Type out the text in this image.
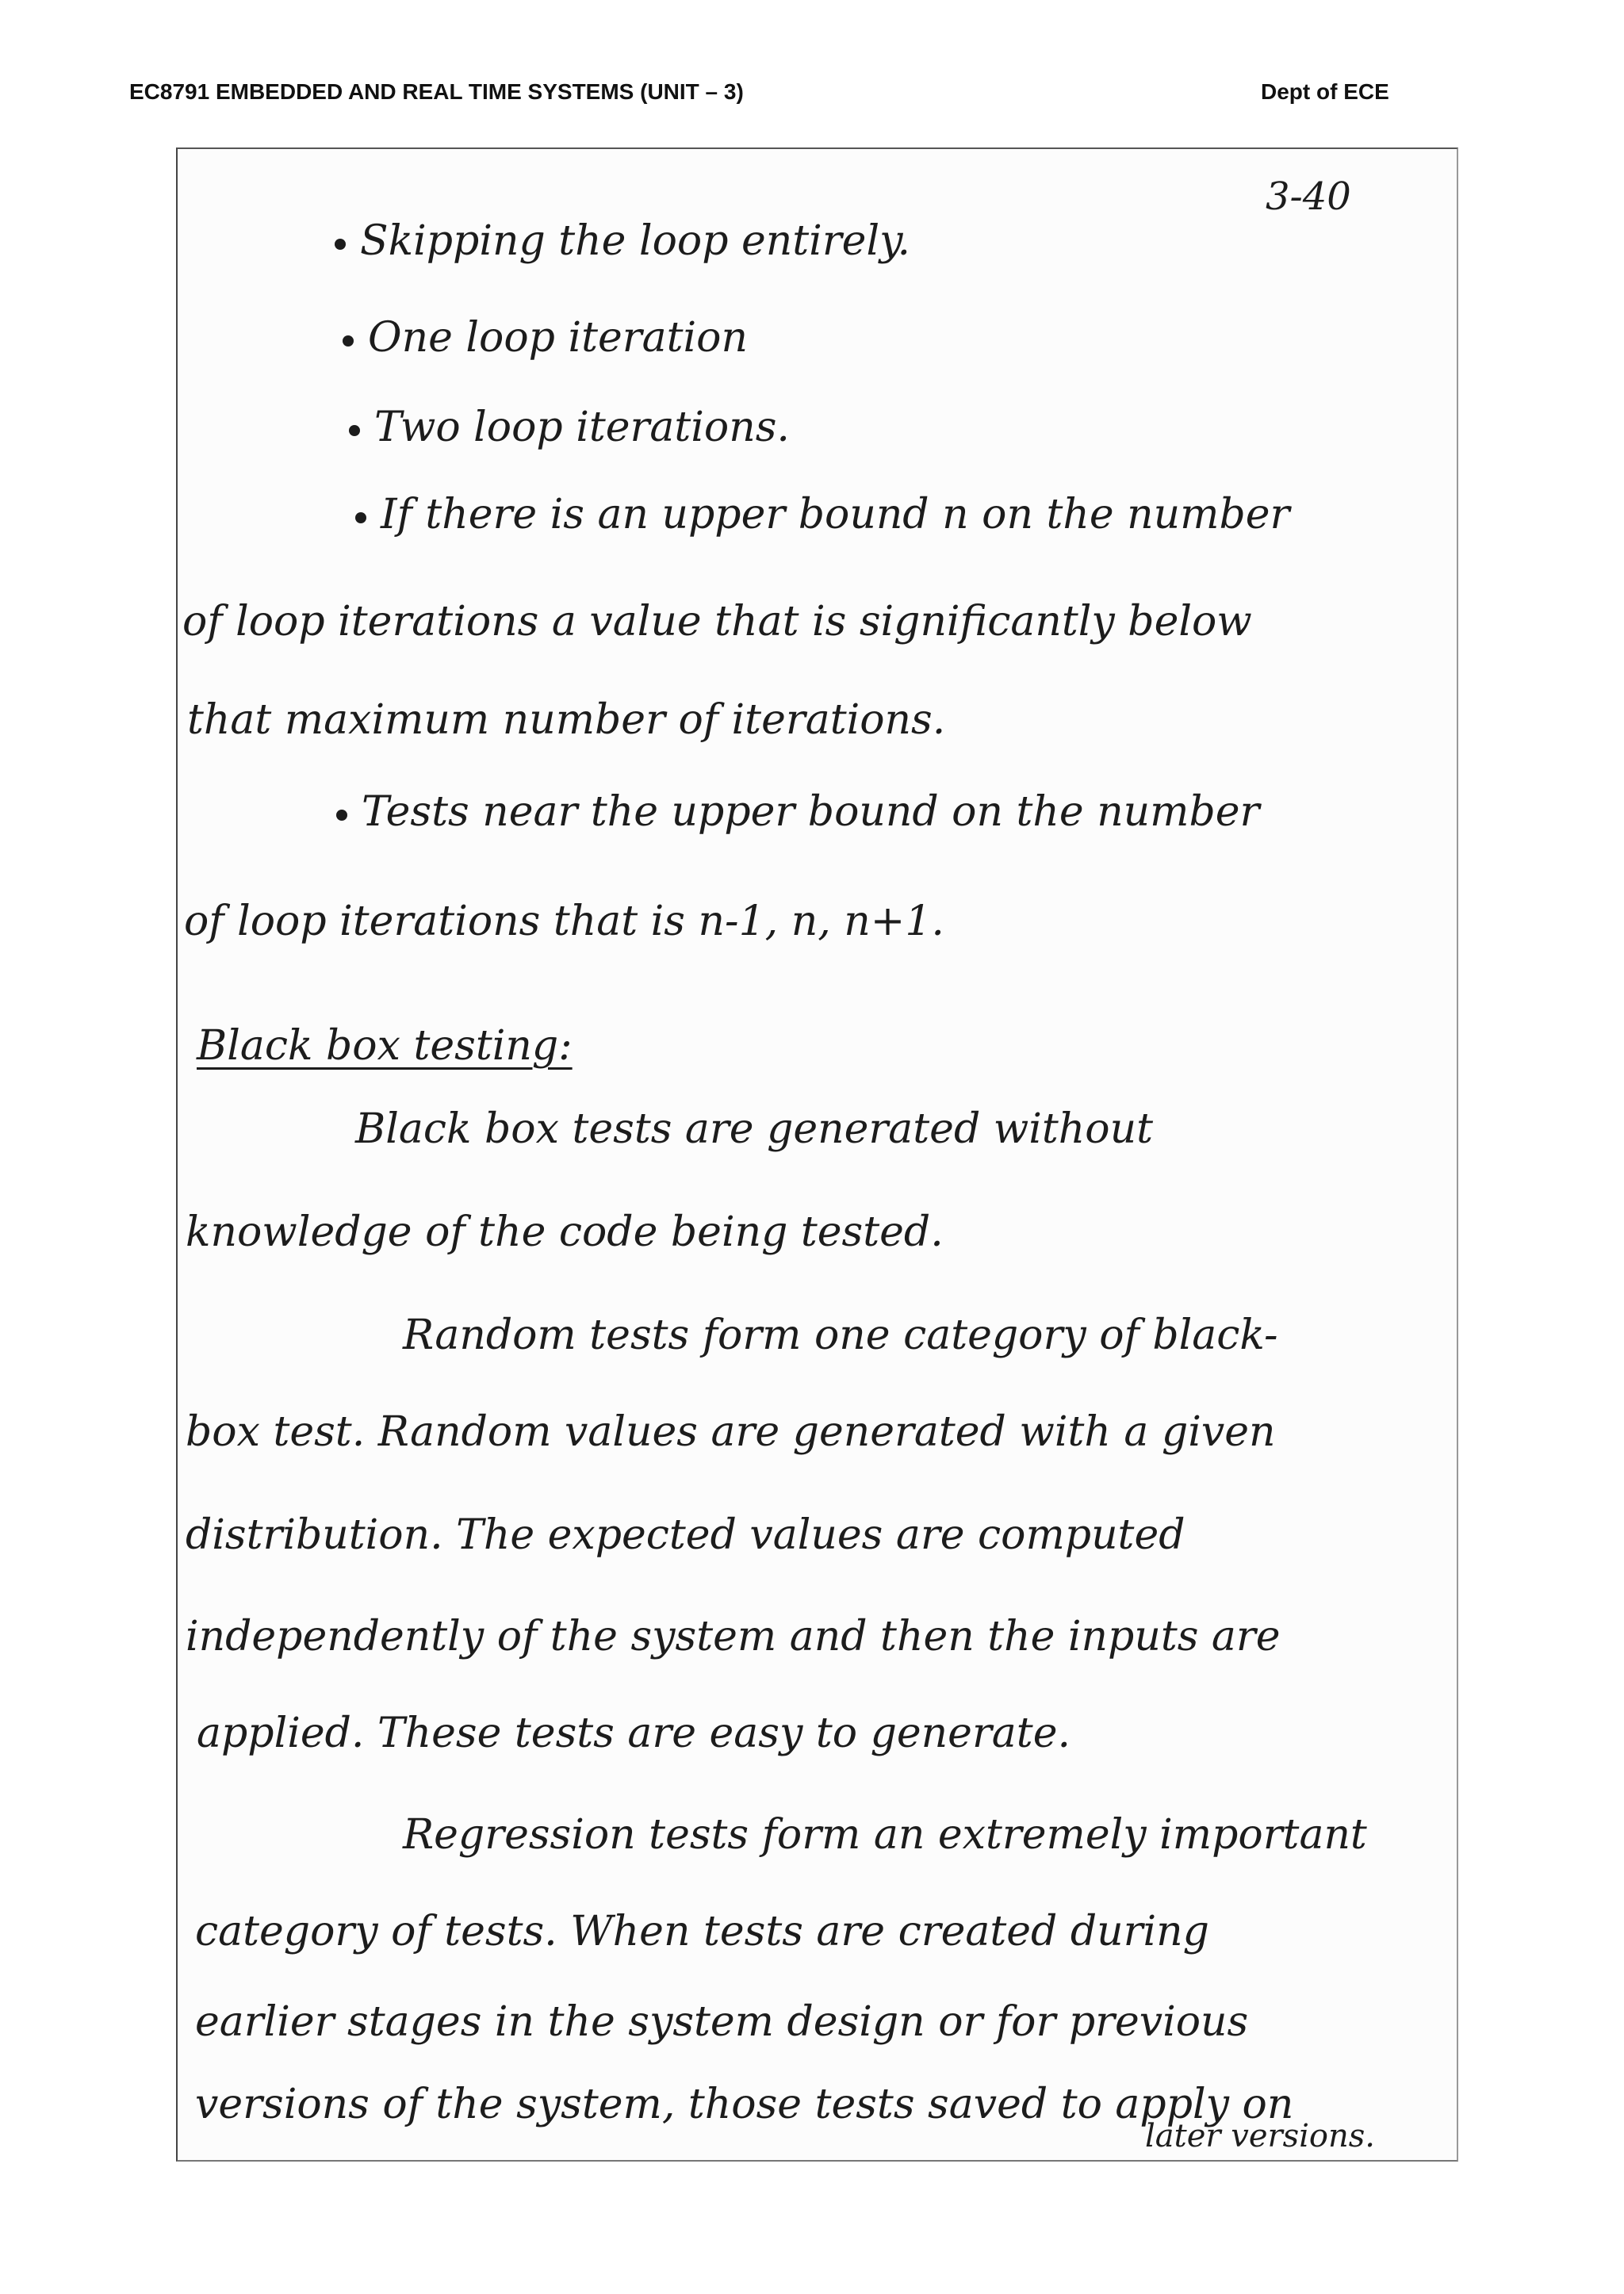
EC8791 EMBEDDED AND REAL TIME SYSTEMS (UNIT – 3)	Dept of ECE
3-40
Skipping the loop entirely.
One loop iteration
Two loop iterations.
If there is an upper bound n on the number
of loop iterations a value that is significantly below
that maximum number of iterations.
Tests near the upper bound on the number
of loop iterations that is n-1, n, n+1.
Black box testing:
Black box tests are generated without
knowledge of the code being tested.
Random tests form one category of black-
box test. Random values are generated with a given
distribution. The expected values are computed
independently of the system and then the inputs are
applied. These tests are easy to generate.
Regression tests form an extremely important
category of tests. When tests are created during
earlier stages in the system design or for previous
versions of the system, those tests saved to apply on
later versions.
